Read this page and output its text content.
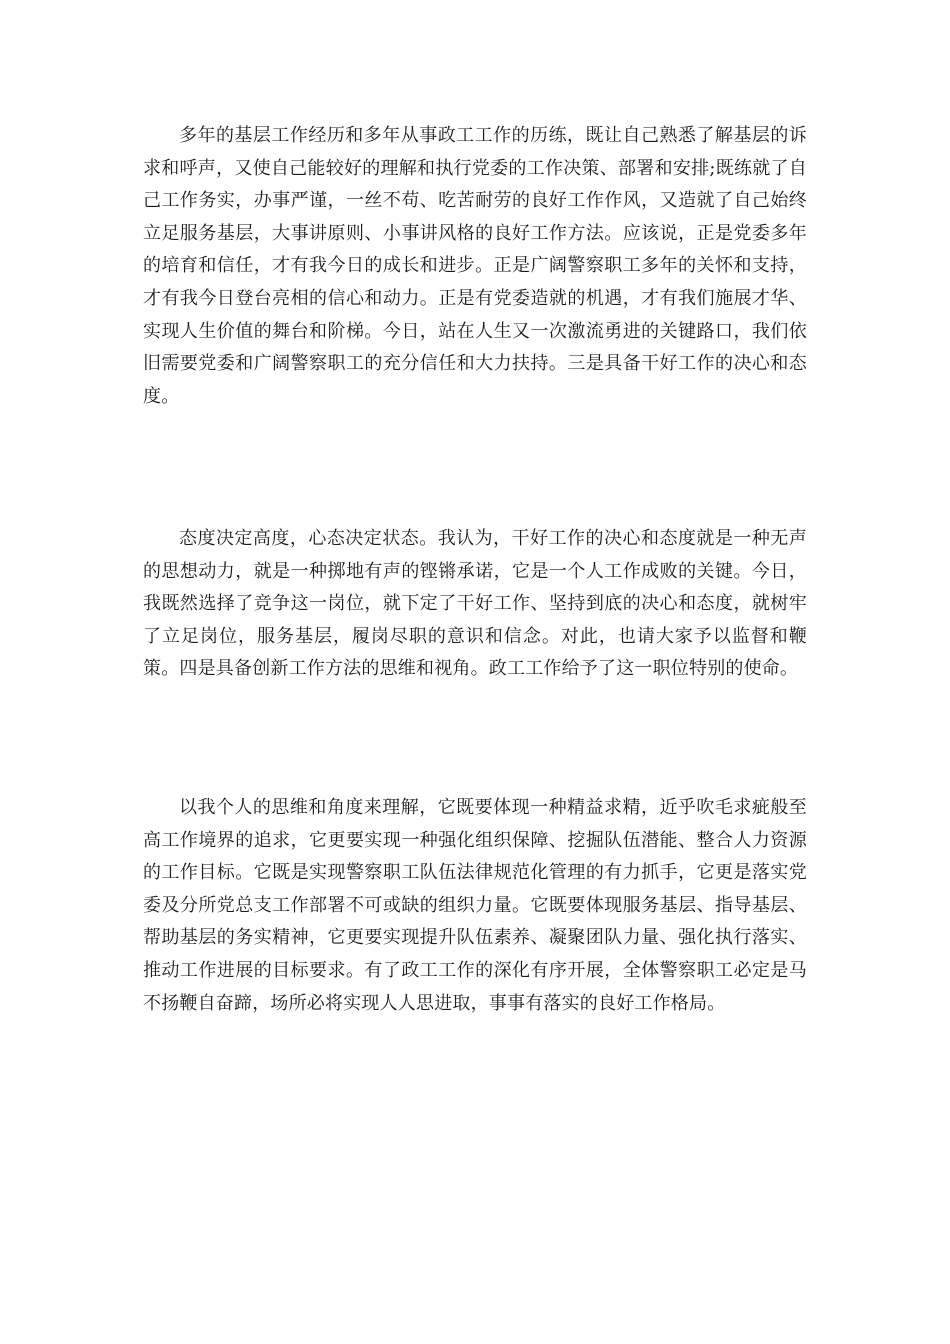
多年的基层工作经历和多年从事政工工作的历练，既让自己熟悉了解基层的诉求和呼声，又使自己能较好的理解和执行党委的工作决策、部署和安排;既练就了自己工作务实，办事严谨，一丝不苟、吃苦耐劳的良好工作作风，又造就了自己始终立足服务基层，大事讲原则、小事讲风格的良好工作方法。应该说，正是党委多年的培育和信任，才有我今日的成长和进步。正是广阔警察职工多年的关怀和支持，才有我今日登台亮相的信心和动力。正是有党委造就的机遇，才有我们施展才华、实现人生价值的舞台和阶梯。今日，站在人生又一次激流勇进的关键路口，我们依旧需要党委和广阔警察职工的充分信任和大力扶持。三是具备干好工作的决心和态度。

态度决定高度，心态决定状态。我认为，干好工作的决心和态度就是一种无声的思想动力，就是一种掷地有声的铿锵承诺，它是一个人工作成败的关键。今日，我既然选择了竞争这一岗位，就下定了干好工作、坚持到底的决心和态度，就树牢了立足岗位，服务基层，履岗尽职的意识和信念。对此，也请大家予以监督和鞭策。四是具备创新工作方法的思维和视角。政工工作给予了这一职位特别的使命。

以我个人的思维和角度来理解，它既要体现一种精益求精，近乎吹毛求疵般至高工作境界的追求，它更要实现一种强化组织保障、挖掘队伍潜能、整合人力资源的工作目标。它既是实现警察职工队伍法律规范化管理的有力抓手，它更是落实党委及分所党总支工作部署不可或缺的组织力量。它既要体现服务基层、指导基层、帮助基层的务实精神，它更要实现提升队伍素养、凝聚团队力量、强化执行落实、推动工作进展的目标要求。有了政工工作的深化有序开展，全体警察职工必定是马不扬鞭自奋蹄，场所必将实现人人思进取，事事有落实的良好工作格局。
